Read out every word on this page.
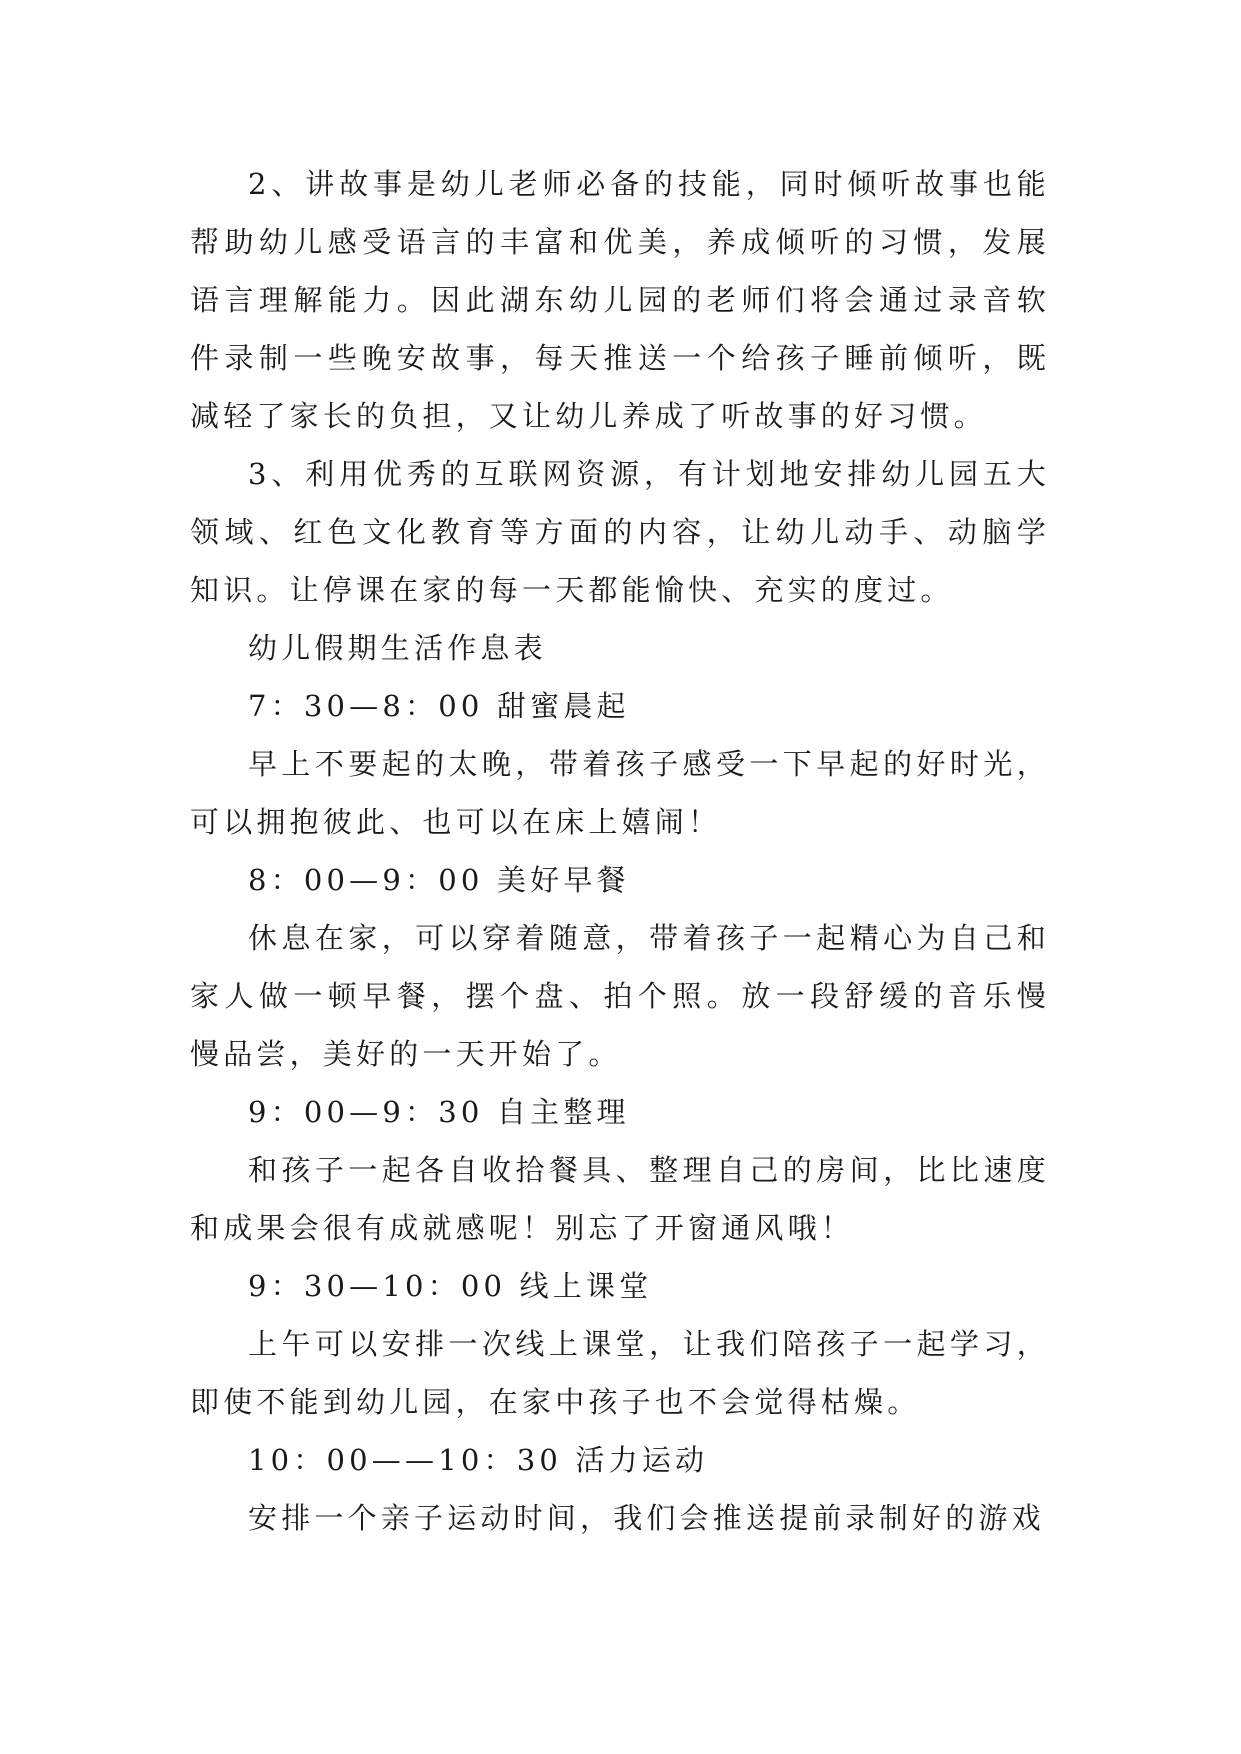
2、讲故事是幼儿老师必备的技能，同时倾听故事也能帮助幼儿感受语言的丰富和优美，养成倾听的习惯，发展语言理解能力。因此湖东幼儿园的老师们将会通过录音软件录制一些晚安故事，每天推送一个给孩子睡前倾听，既减轻了家长的负担，又让幼儿养成了听故事的好习惯。

3、利用优秀的互联网资源，有计划地安排幼儿园五大领域、红色文化教育等方面的内容，让幼儿动手、动脑学知识。让停课在家的每一天都能愉快、充实的度过。

幼儿假期生活作息表

7：30—8：00 甜蜜晨起

早上不要起的太晚，带着孩子感受一下早起的好时光，可以拥抱彼此、也可以在床上嬉闹！

8：00—9：00 美好早餐

休息在家，可以穿着随意，带着孩子一起精心为自己和家人做一顿早餐，摆个盘、拍个照。放一段舒缓的音乐慢慢品尝，美好的一天开始了。

9：00—9：30 自主整理

和孩子一起各自收拾餐具、整理自己的房间，比比速度和成果会很有成就感呢！别忘了开窗通风哦！

9：30—10：00 线上课堂

上午可以安排一次线上课堂，让我们陪孩子一起学习，即使不能到幼儿园，在家中孩子也不会觉得枯燥。

10：00——10：30 活力运动

安排一个亲子运动时间，我们会推送提前录制好的游戏
